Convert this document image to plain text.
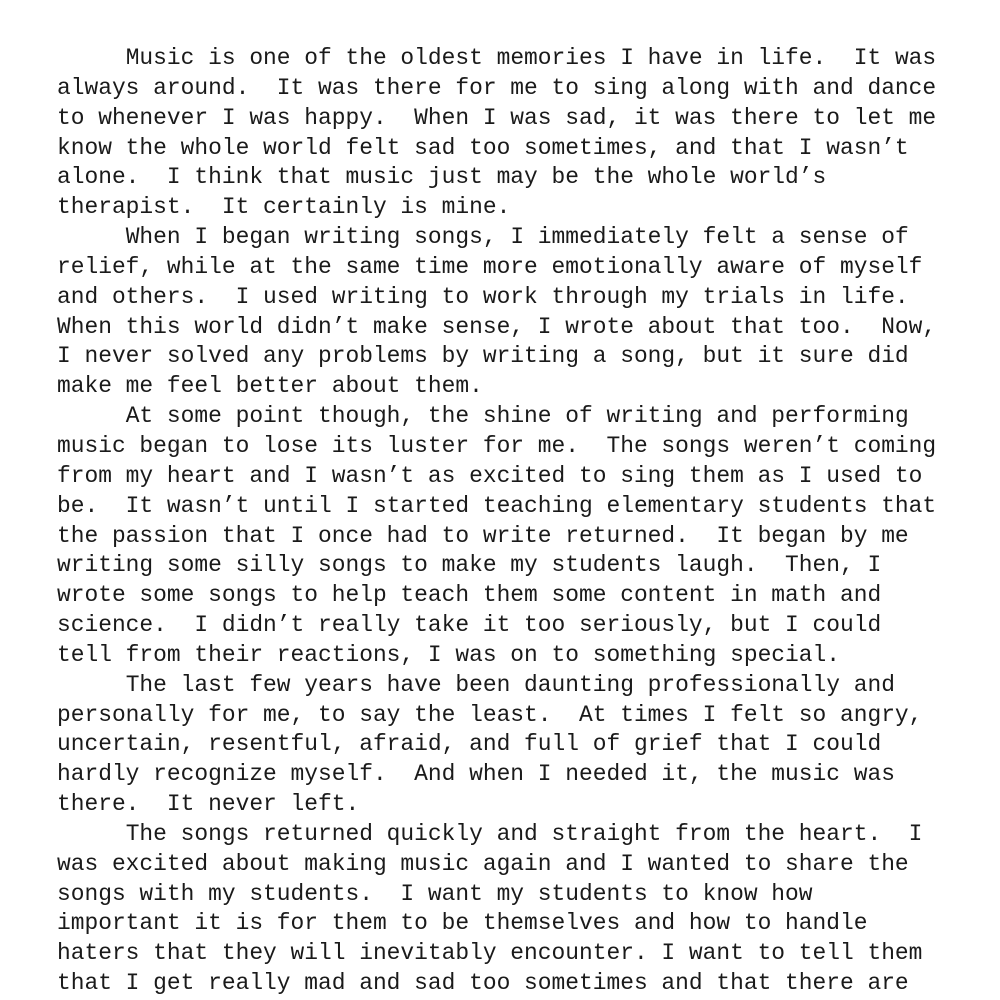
Music is one of the oldest memories I have in life.  It was
always around.  It was there for me to sing along with and dance
to whenever I was happy.  When I was sad, it was there to let me
know the whole world felt sad too sometimes, and that I wasn’t
alone.  I think that music just may be the whole world’s
therapist.  It certainly is mine.
When I began writing songs, I immediately felt a sense of
relief, while at the same time more emotionally aware of myself
and others.  I used writing to work through my trials in life.
When this world didn’t make sense, I wrote about that too.  Now,
I never solved any problems by writing a song, but it sure did
make me feel better about them.
At some point though, the shine of writing and performing
music began to lose its luster for me.  The songs weren’t coming
from my heart and I wasn’t as excited to sing them as I used to
be.  It wasn’t until I started teaching elementary students that
the passion that I once had to write returned.  It began by me
writing some silly songs to make my students laugh.  Then, I
wrote some songs to help teach them some content in math and
science.  I didn’t really take it too seriously, but I could
tell from their reactions, I was on to something special.
The last few years have been daunting professionally and
personally for me, to say the least.  At times I felt so angry,
uncertain, resentful, afraid, and full of grief that I could
hardly recognize myself.  And when I needed it, the music was
there.  It never left.
The songs returned quickly and straight from the heart.  I
was excited about making music again and I wanted to share the
songs with my students.  I want my students to know how
important it is for them to be themselves and how to handle
haters that they will inevitably encounter. I want to tell them
that I get really mad and sad too sometimes and that there are
